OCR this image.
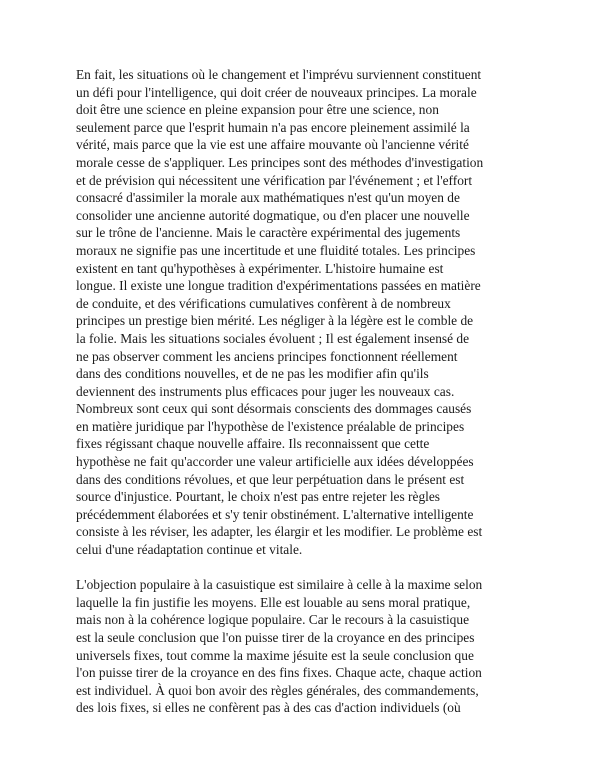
En fait, les situations où le changement et l'imprévu surviennent constituent
un défi pour l'intelligence, qui doit créer de nouveaux principes. La morale
doit être une science en pleine expansion pour être une science, non
seulement parce que l'esprit humain n'a pas encore pleinement assimilé la
vérité, mais parce que la vie est une affaire mouvante où l'ancienne vérité
morale cesse de s'appliquer. Les principes sont des méthodes d'investigation
et de prévision qui nécessitent une vérification par l'événement ; et l'effort
consacré d'assimiler la morale aux mathématiques n'est qu'un moyen de
consolider une ancienne autorité dogmatique, ou d'en placer une nouvelle
sur le trône de l'ancienne. Mais le caractère expérimental des jugements
moraux ne signifie pas une incertitude et une fluidité totales. Les principes
existent en tant qu'hypothèses à expérimenter. L'histoire humaine est
longue. Il existe une longue tradition d'expérimentations passées en matière
de conduite, et des vérifications cumulatives confèrent à de nombreux
principes un prestige bien mérité. Les négliger à la légère est le comble de
la folie. Mais les situations sociales évoluent ; Il est également insensé de
ne pas observer comment les anciens principes fonctionnent réellement
dans des conditions nouvelles, et de ne pas les modifier afin qu'ils
deviennent des instruments plus efficaces pour juger les nouveaux cas.
Nombreux sont ceux qui sont désormais conscients des dommages causés
en matière juridique par l'hypothèse de l'existence préalable de principes
fixes régissant chaque nouvelle affaire. Ils reconnaissent que cette
hypothèse ne fait qu'accorder une valeur artificielle aux idées développées
dans des conditions révolues, et que leur perpétuation dans le présent est
source d'injustice. Pourtant, le choix n'est pas entre rejeter les règles
précédemment élaborées et s'y tenir obstinément. L'alternative intelligente
consiste à les réviser, les adapter, les élargir et les modifier. Le problème est
celui d'une réadaptation continue et vitale.

L'objection populaire à la casuistique est similaire à celle à la maxime selon
laquelle la fin justifie les moyens. Elle est louable au sens moral pratique,
mais non à la cohérence logique populaire. Car le recours à la casuistique
est la seule conclusion que l'on puisse tirer de la croyance en des principes
universels fixes, tout comme la maxime jésuite est la seule conclusion que
l'on puisse tirer de la croyance en des fins fixes. Chaque acte, chaque action
est individuel. À quoi bon avoir des règles générales, des commandements,
des lois fixes, si elles ne confèrent pas à des cas d'action individuels (où
